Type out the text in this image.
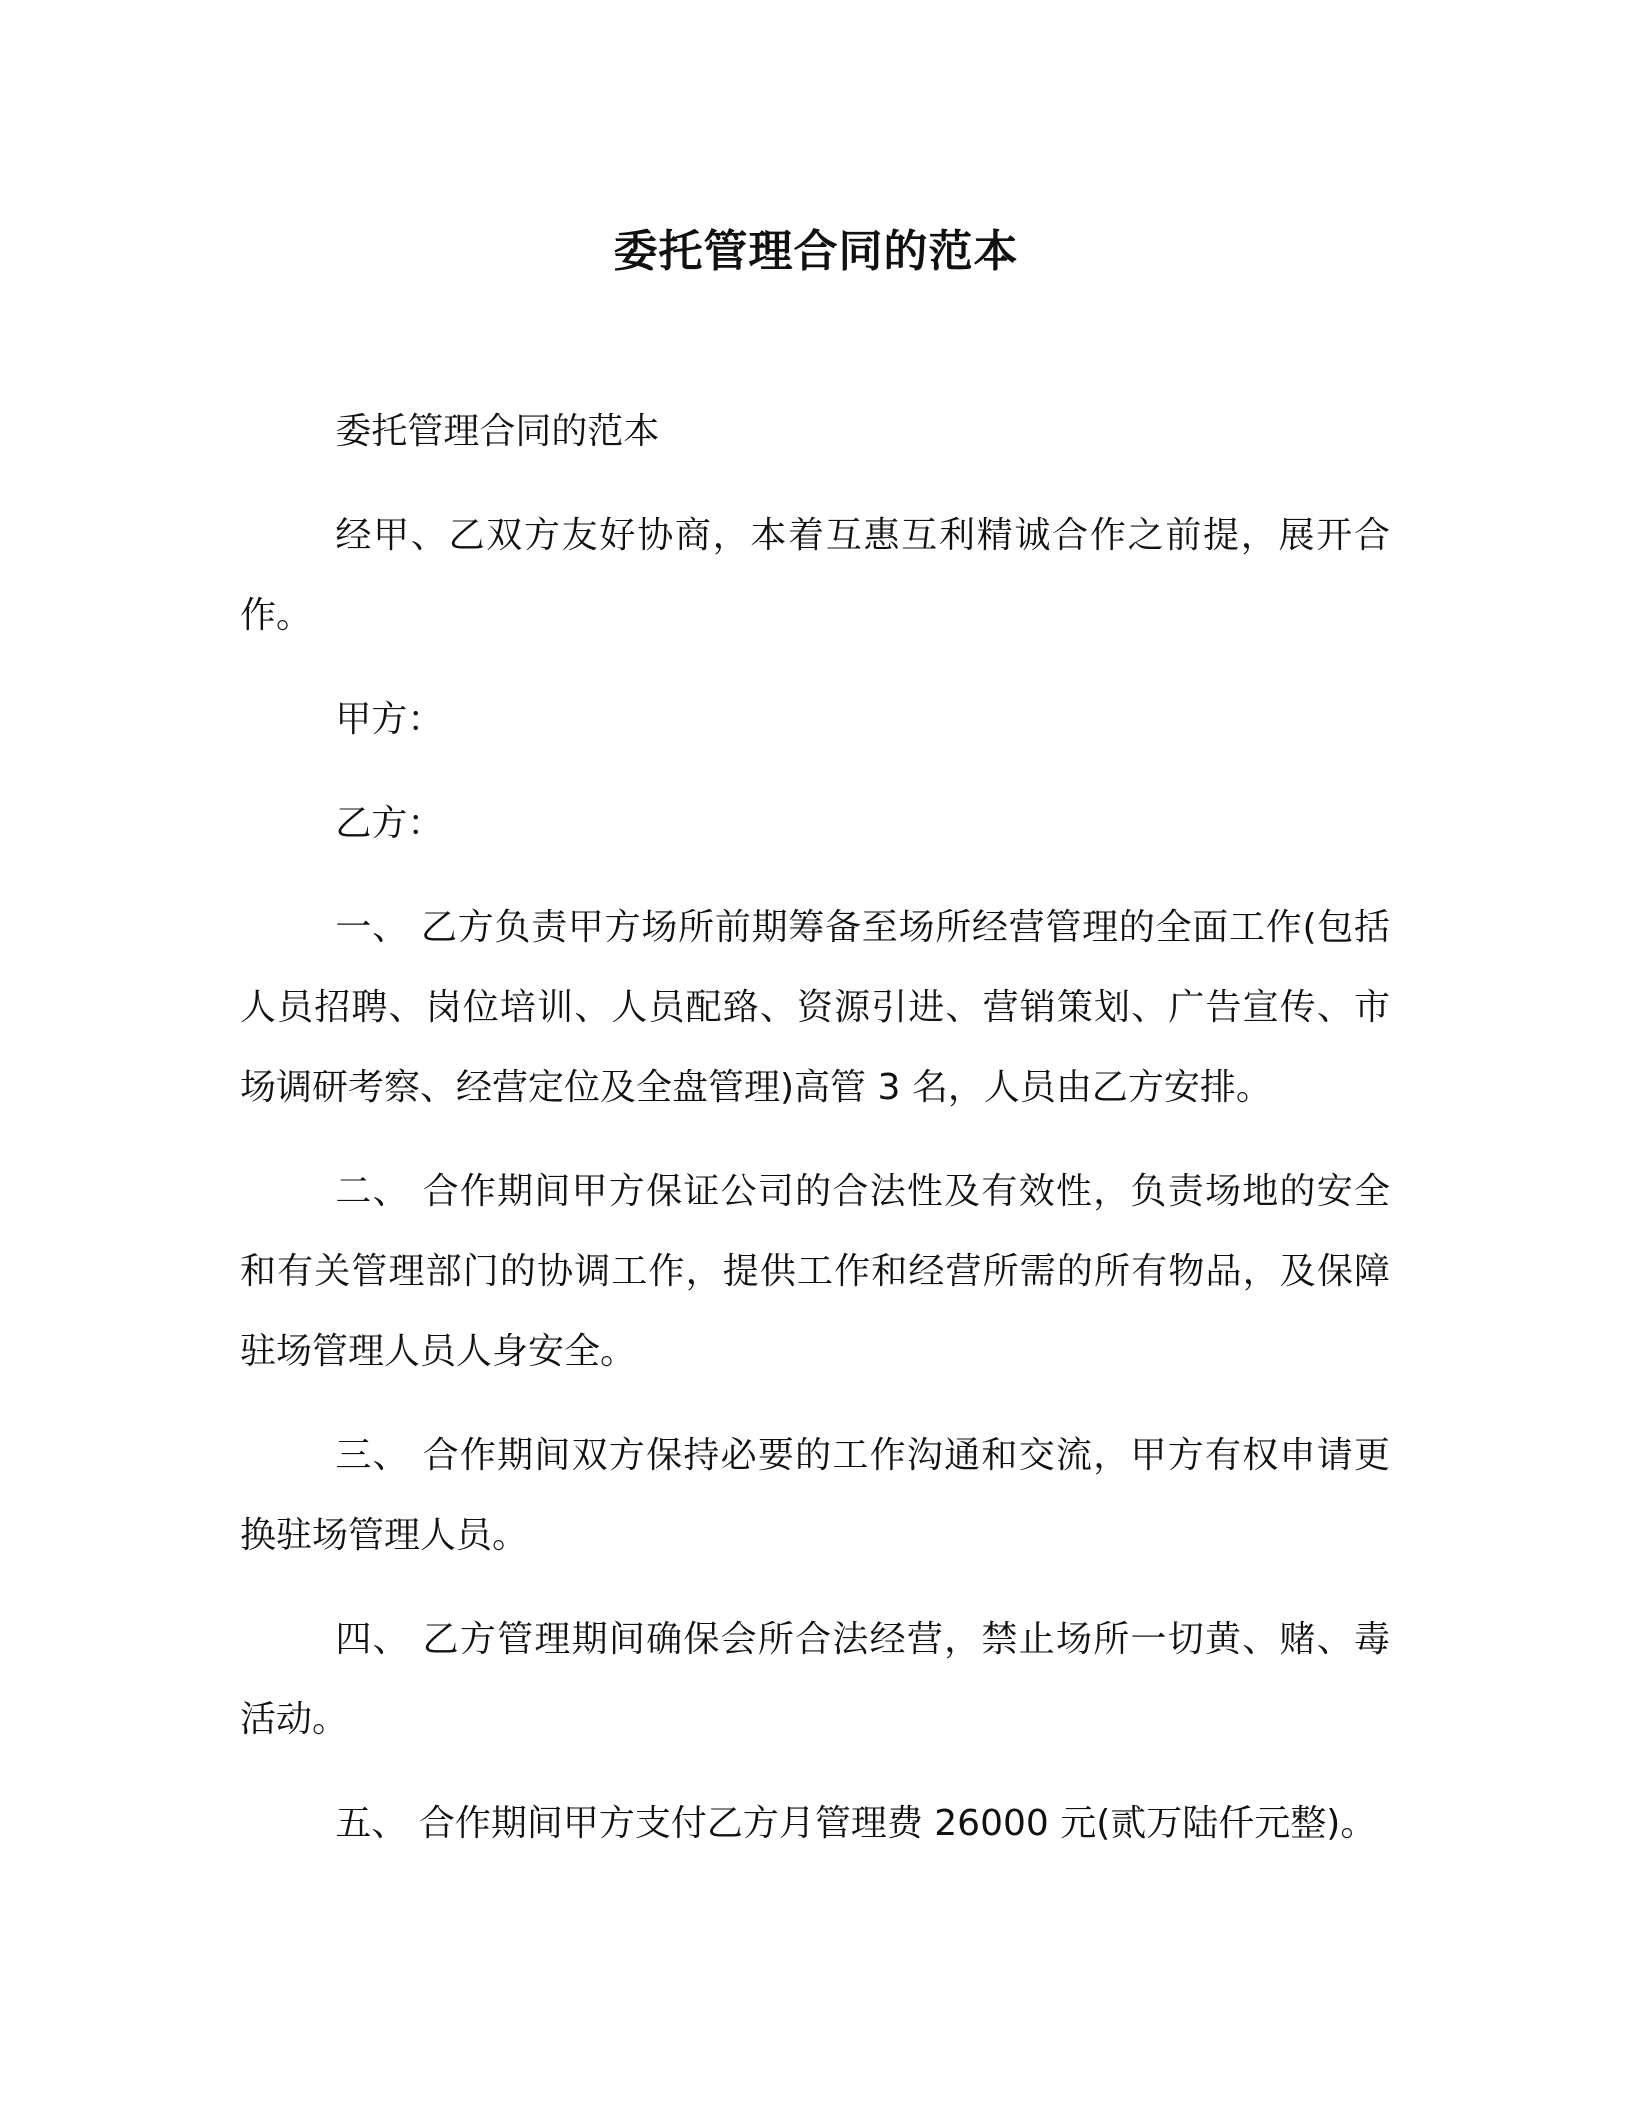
委托管理合同的范本

委托管理合同的范本

经甲、乙双方友好协商，本着互惠互利精诚合作之前提，展开合作。

甲方：

乙方：

一、 乙方负责甲方场所前期筹备至场所经营管理的全面工作(包括人员招聘、岗位培训、人员配臵、资源引进、营销策划、广告宣传、市场调研考察、经营定位及全盘管理)高管 3 名，人员由乙方安排。

二、 合作期间甲方保证公司的合法性及有效性，负责场地的安全和有关管理部门的协调工作，提供工作和经营所需的所有物品，及保障驻场管理人员人身安全。

三、 合作期间双方保持必要的工作沟通和交流，甲方有权申请更换驻场管理人员。

四、 乙方管理期间确保会所合法经营，禁止场所一切黄、赌、毒活动。

五、 合作期间甲方支付乙方月管理费 26000 元(贰万陆仟元整)。
